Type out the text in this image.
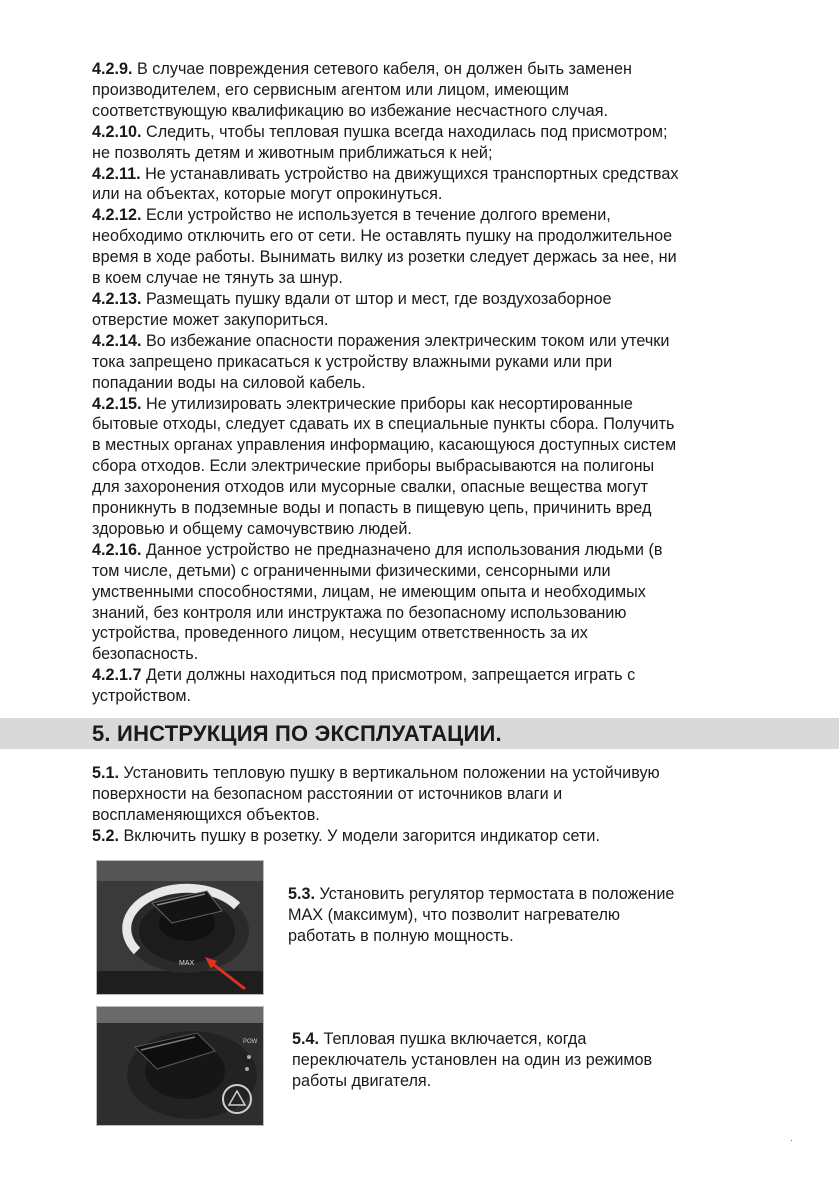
4.2.9. В случае повреждения сетевого кабеля, он должен быть заменен
производителем, его сервисным агентом или лицом, имеющим
соответствующую квалификацию во избежание несчастного случая.
4.2.10. Следить, чтобы тепловая пушка всегда находилась под присмотром;
не позволять детям и животным приближаться к ней;
4.2.11. Не устанавливать устройство на движущихся транспортных средствах
или на объектах, которые могут опрокинуться.
4.2.12. Если устройство не используется в течение долгого времени,
необходимо отключить его от сети. Не оставлять пушку на продолжительное
время в ходе работы. Вынимать вилку из розетки следует держась за нее, ни
в коем случае не тянуть за шнур.
4.2.13. Размещать пушку вдали от штор и мест, где воздухозаборное
отверстие может закупориться.
4.2.14. Во избежание опасности поражения электрическим током или утечки
тока запрещено прикасаться к устройству влажными руками или при
попадании воды на силовой кабель.
4.2.15. Не утилизировать электрические приборы как несортированные
бытовые отходы, следует сдавать их в специальные пункты сбора. Получить
в местных органах управления информацию, касающуюся доступных систем
сбора отходов. Если электрические приборы выбрасываются на полигоны
для захоронения отходов или мусорные свалки, опасные вещества могут
проникнуть в подземные воды и попасть в пищевую цепь, причинить вред
здоровью и общему самочувствию людей.
4.2.16. Данное устройство не предназначено для использования людьми (в
том числе, детьми) с ограниченными физическими, сенсорными или
умственными способностями, лицам, не имеющим опыта и необходимых
знаний, без контроля или инструктажа по безопасному использованию
устройства, проведенного лицом, несущим ответственность за их
безопасность.
4.2.1.7 Дети должны находиться под присмотром, запрещается играть с
устройством.
5. ИНСТРУКЦИЯ ПО ЭКСПЛУАТАЦИИ.
5.1. Установить тепловую пушку в вертикальном положении на устойчивую
поверхности на безопасном расстоянии от источников влаги и
воспламеняющихся объектов.
5.2. Включить пушку в розетку. У модели загорится индикатор сети.
MAX
5.3. Установить регулятор термостата в положение
MAX (максимум), что позволит нагревателю
работать в полную мощность.
POW 5.4. Тепловая пушка включается, когда
переключатель установлен на один из режимов
работы двигателя.
.
